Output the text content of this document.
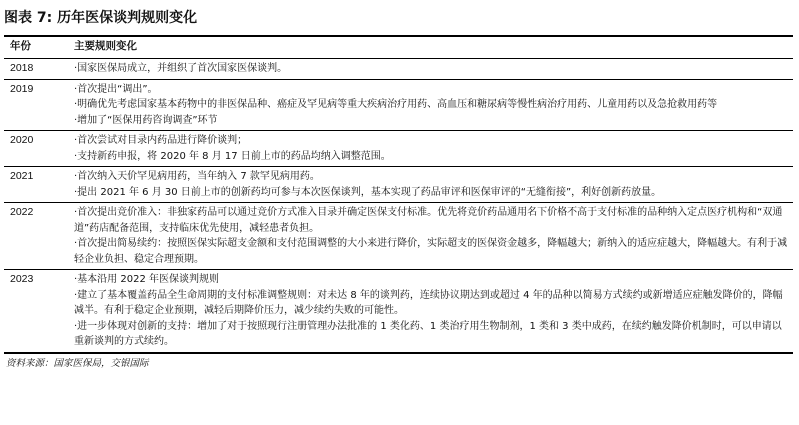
图表 7: 历年医保谈判规则变化
年份	主要规则变化
2018	·国家医保局成立，并组织了首次国家医保谈判。

2019	·首次提出“调出”。

·明确优先考虑国家基本药物中的非医保品种、癌症及罕见病等重大疾病治疗用药、高血压和糖尿病等慢性病治疗用药、儿童用药以及急抢救用药等

·增加了“医保用药咨询调查”环节

2020	·首次尝试对目录内药品进行降价谈判；

·支持新药申报，将 2020 年 8 月 17 日前上市的药品均纳入调整范围。

2021	·首次纳入天价罕见病用药，当年纳入 7 款罕见病用药。

·提出 2021 年 6 月 30 日前上市的创新药均可参与本次医保谈判，基本实现了药品审评和医保审评的“无缝衔接”，利好创新药放量。

2022	·首次提出竞价准入：非独家药品可以通过竞价方式准入目录并确定医保支付标准。优先将竞价药品通用名下价格不高于支付标准的品种纳入定点医疗机构和“双通道”药店配备范围，支持临床优先使用，减轻患者负担。

·首次提出简易续约：按照医保实际超支金额和支付范围调整的大小来进行降价，实际超支的医保资金越多，降幅越大；新纳入的适应症越大，降幅越大。有利于减轻企业负担、稳定合理预期。

2023	·基本沿用 2022 年医保谈判规则

·建立了基本覆盖药品全生命周期的支付标准调整规则：对未达 8 年的谈判药，连续协议期达到或超过 4 年的品种以简易方式续约或新增适应症触发降价的，降幅减半。有利于稳定企业预期，减轻后期降价压力，减少续约失败的可能性。

·进一步体现对创新的支持：增加了对于按照现行注册管理办法批准的 1 类化药、1 类治疗用生物制剂，1 类和 3 类中成药，在续约触发降价机制时，可以申请以重新谈判的方式续约。

资料来源：国家医保局，交银国际
